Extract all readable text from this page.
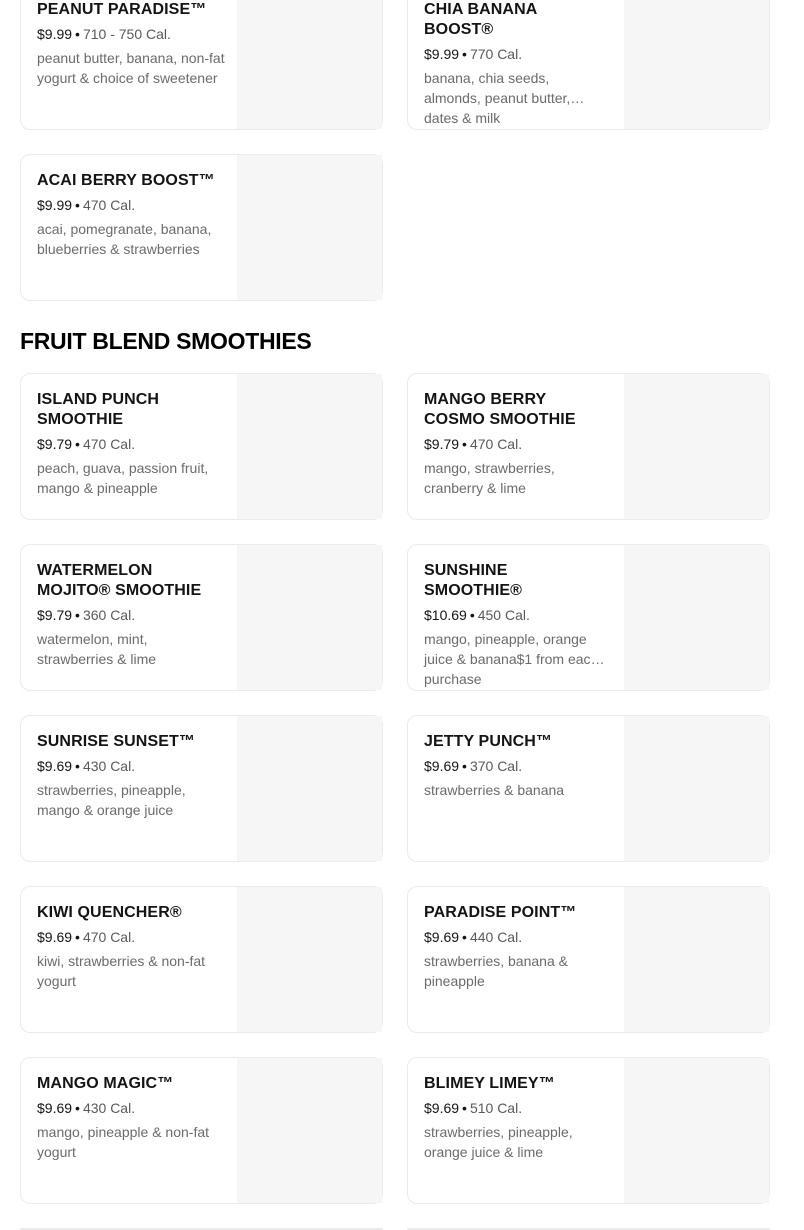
PEANUT PARADISE™
$9.99 • 710 - 750 Cal.
peanut butter, banana, non-fat yogurt & choice of sweetener
CHIA BANANA BOOST®
$9.99 • 770 Cal.
banana, chia seeds, almonds, peanut butter, dates & milk
ACAI BERRY BOOST™
$9.99 • 470 Cal.
acai, pomegranate, banana, blueberries & strawberries
FRUIT BLEND SMOOTHIES
ISLAND PUNCH SMOOTHIE
$9.79 • 470 Cal.
peach, guava, passion fruit, mango & pineapple
MANGO BERRY COSMO SMOOTHIE
$9.79 • 470 Cal.
mango, strawberries, cranberry & lime
WATERMELON MOJITO® SMOOTHIE
$9.79 • 360 Cal.
watermelon, mint, strawberries & lime
SUNSHINE SMOOTHIE®
$10.69 • 450 Cal.
mango, pineapple, orange juice & banana$1 from each purchase
SUNRISE SUNSET™
$9.69 • 430 Cal.
strawberries, pineapple, mango & orange juice
JETTY PUNCH™
$9.69 • 370 Cal.
strawberries & banana
KIWI QUENCHER®
$9.69 • 470 Cal.
kiwi, strawberries & non-fat yogurt
PARADISE POINT™
$9.69 • 440 Cal.
strawberries, banana & pineapple
MANGO MAGIC™
$9.69 • 430 Cal.
mango, pineapple & non-fat yogurt
BLIMEY LIMEY™
$9.69 • 510 Cal.
strawberries, pineapple, orange juice & lime
